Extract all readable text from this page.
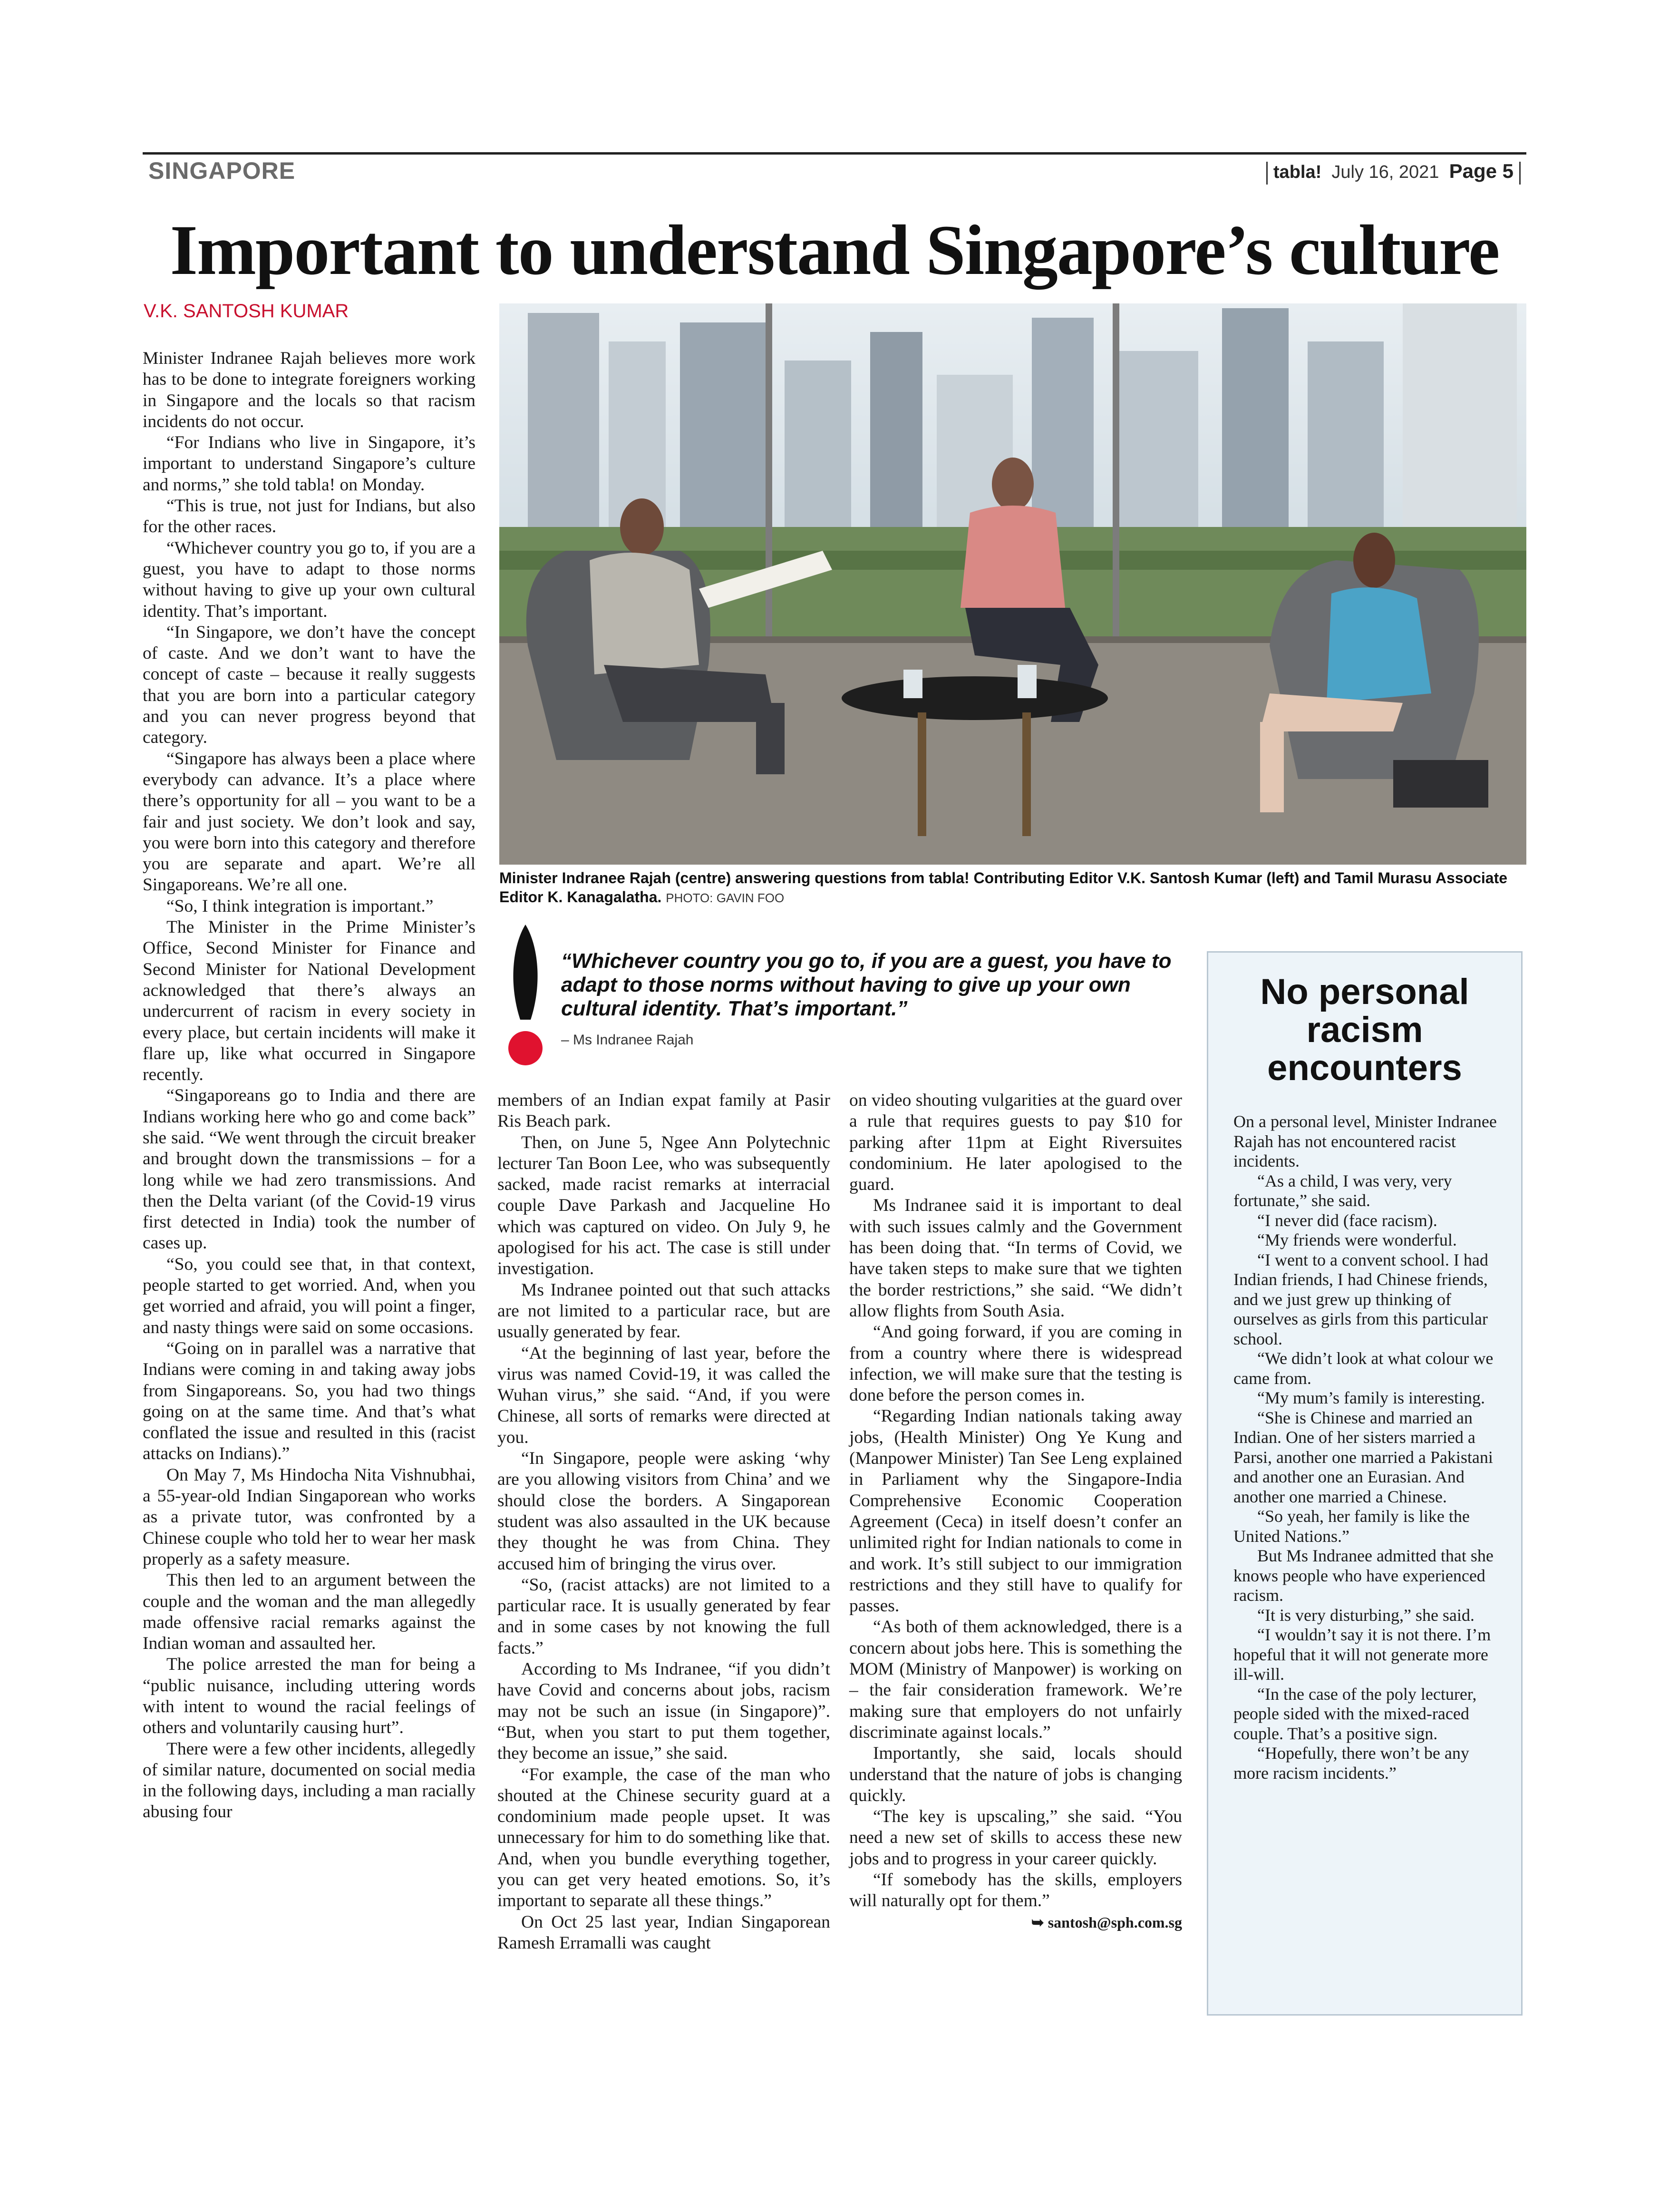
SINGAPORE	tabla! July 16, 2021 Page 5
Important to understand Singapore’s culture
V.K. SANTOSH KUMAR

Minister Indranee Rajah believes more work has to be done to integrate foreigners working in Singapore and the locals so that racism incidents do not occur.

“For Indians who live in Singapore, it’s important to understand Singapore’s culture and norms,” she told tabla! on Monday.

“This is true, not just for Indians, but also for the other races.

“Whichever country you go to, if you are a guest, you have to adapt to those norms without having to give up your own cultural identity. That’s important.

“In Singapore, we don’t have the concept of caste. And we don’t want to have the concept of caste – because it really suggests that you are born into a particular category and you can never progress beyond that category.

“Singapore has always been a place where everybody can advance. It’s a place where there’s opportunity for all – you want to be a fair and just society. We don’t look and say, you were born into this category and therefore you are separate and apart. We’re all Singaporeans. We’re all one.

“So, I think integration is important.”

The Minister in the Prime Minister’s Office, Second Minister for Finance and Second Minister for National Development acknowledged that there’s always an undercurrent of racism in every society in every place, but certain incidents will make it flare up, like what occurred in Singapore recently.

“Singaporeans go to India and there are Indians working here who go and come back” she said. “We went through the circuit breaker and brought down the transmissions – for a long while we had zero transmissions. And then the Delta variant (of the Covid-19 virus first detected in India) took the number of cases up.

“So, you could see that, in that context, people started to get worried. And, when you get worried and afraid, you will point a finger, and nasty things were said on some occasions.

“Going on in parallel was a narrative that Indians were coming in and taking away jobs from Singaporeans. So, you had two things going on at the same time. And that’s what conflated the issue and resulted in this (racist attacks on Indians).”

On May 7, Ms Hindocha Nita Vishnubhai, a 55-year-old Indian Singaporean who works as a private tutor, was confronted by a Chinese couple who told her to wear her mask properly as a safety measure.

This then led to an argument between the couple and the woman and the man allegedly made offensive racial remarks against the Indian woman and assaulted her.

The police arrested the man for being a “public nuisance, including uttering words with intent to wound the racial feelings of others and voluntarily causing hurt”.

There were a few other incidents, allegedly of similar nature, documented on social media in the following days, including a man racially abusing four

Minister Indranee Rajah (centre) answering questions from tabla! Contributing Editor V.K. Santosh Kumar (left) and Tamil Murasu Associate Editor K. Kanagalatha. PHOTO: GAVIN FOO
“Whichever country you go to, if you are a guest, you have to adapt to those norms without having to give up your own cultural identity. That’s important.”
– Ms Indranee Rajah

members of an Indian expat family at Pasir Ris Beach park.

Then, on June 5, Ngee Ann Polytechnic lecturer Tan Boon Lee, who was subsequently sacked, made racist remarks at interracial couple Dave Parkash and Jacqueline Ho which was captured on video. On July 9, he apologised for his act. The case is still under investigation.

Ms Indranee pointed out that such attacks are not limited to a particular race, but are usually generated by fear.

“At the beginning of last year, before the virus was named Covid-19, it was called the Wuhan virus,” she said. “And, if you were Chinese, all sorts of remarks were directed at you.

“In Singapore, people were asking ‘why are you allowing visitors from China’ and we should close the borders. A Singaporean student was also assaulted in the UK because they thought he was from China. They accused him of bringing the virus over.

“So, (racist attacks) are not limited to a particular race. It is usually generated by fear and in some cases by not knowing the full facts.”

According to Ms Indranee, “if you didn’t have Covid and concerns about jobs, racism may not be such an issue (in Singapore)”. “But, when you start to put them together, they become an issue,” she said.

“For example, the case of the man who shouted at the Chinese security guard at a condominium made people upset. It was unnecessary for him to do something like that. And, when you bundle everything together, you can get very heated emotions. So, it’s important to separate all these things.”

On Oct 25 last year, Indian Singaporean Ramesh Erramalli was caught

on video shouting vulgarities at the guard over a rule that requires guests to pay $10 for parking after 11pm at Eight Riversuites condominium. He later apologised to the guard.

Ms Indranee said it is important to deal with such issues calmly and the Government has been doing that. “In terms of Covid, we have taken steps to make sure that we tighten the border restrictions,” she said. “We didn’t allow flights from South Asia.

“And going forward, if you are coming in from a country where there is widespread infection, we will make sure that the testing is done before the person comes in.

“Regarding Indian nationals taking away jobs, (Health Minister) Ong Ye Kung and (Manpower Minister) Tan See Leng explained in Parliament why the Singapore-India Comprehensive Economic Cooperation Agreement (Ceca) in itself doesn’t confer an unlimited right for Indian nationals to come in and work. It’s still subject to our immigration restrictions and they still have to qualify for passes.

“As both of them acknowledged, there is a concern about jobs here. This is something the MOM (Ministry of Manpower) is working on – the fair consideration framework. We’re making sure that employers do not unfairly discriminate against locals.”

Importantly, she said, locals should understand that the nature of jobs is changing quickly.

“The key is upscaling,” she said. “You need a new set of skills to access these new jobs and to progress in your career quickly.

“If somebody has the skills, employers will naturally opt for them.”

➥ santosh@sph.com.sg

No personal racism encounters

On a personal level, Minister Indranee Rajah has not encountered racist incidents.

“As a child, I was very, very fortunate,” she said.

“I never did (face racism).

“My friends were wonderful.

“I went to a convent school. I had Indian friends, I had Chinese friends, and we just grew up thinking of ourselves as girls from this particular school.

“We didn’t look at what colour we came from.

“My mum’s family is interesting.

“She is Chinese and married an Indian. One of her sisters married a Parsi, another one married a Pakistani and another one an Eurasian. And another one married a Chinese.

“So yeah, her family is like the United Nations.”

But Ms Indranee admitted that she knows people who have experienced racism.

“It is very disturbing,” she said.

“I wouldn’t say it is not there. I’m hopeful that it will not generate more ill-will.

“In the case of the poly lecturer, people sided with the mixed-raced couple. That’s a positive sign.

“Hopefully, there won’t be any more racism incidents.”
